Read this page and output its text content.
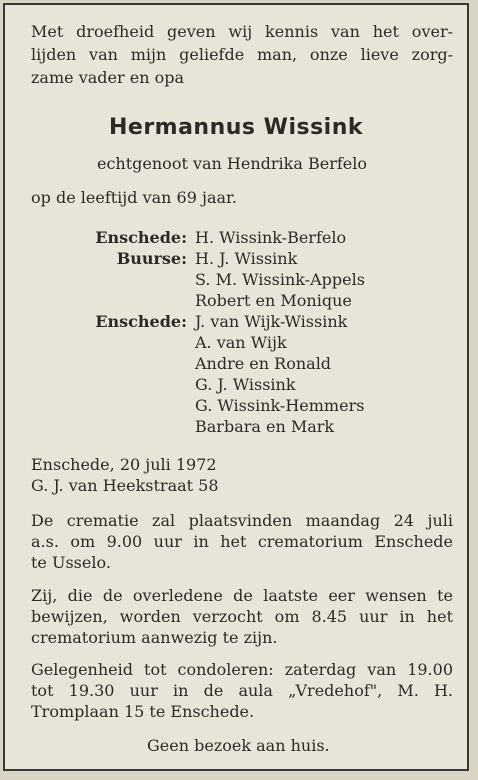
Met droefheid geven wij kennis van het over-
lijden van mijn geliefde man, onze lieve zorg-
zame vader en opa
Hermannus Wissink
echtgenoot van Hendrika Berfelo
op de leeftijd van 69 jaar.
Enschede: H. Wissink-Berfelo
Buurse: H. J. Wissink
S. M. Wissink-Appels
Robert en Monique
Enschede: J. van Wijk-Wissink
A. van Wijk
Andre en Ronald
G. J. Wissink
G. Wissink-Hemmers
Barbara en Mark
Enschede, 20 juli 1972
G. J. van Heekstraat 58
De crematie zal plaatsvinden maandag 24 juli
a.s. om 9.00 uur in het crematorium Enschede
te Usselo.
Zij, die de overledene de laatste eer wensen te
bewijzen, worden verzocht om 8.45 uur in het
crematorium aanwezig te zijn.
Gelegenheid tot condoleren: zaterdag van 19.00
tot 19.30 uur in de aula „Vredehof", M. H.
Tromplaan 15 te Enschede.
Geen bezoek aan huis.
